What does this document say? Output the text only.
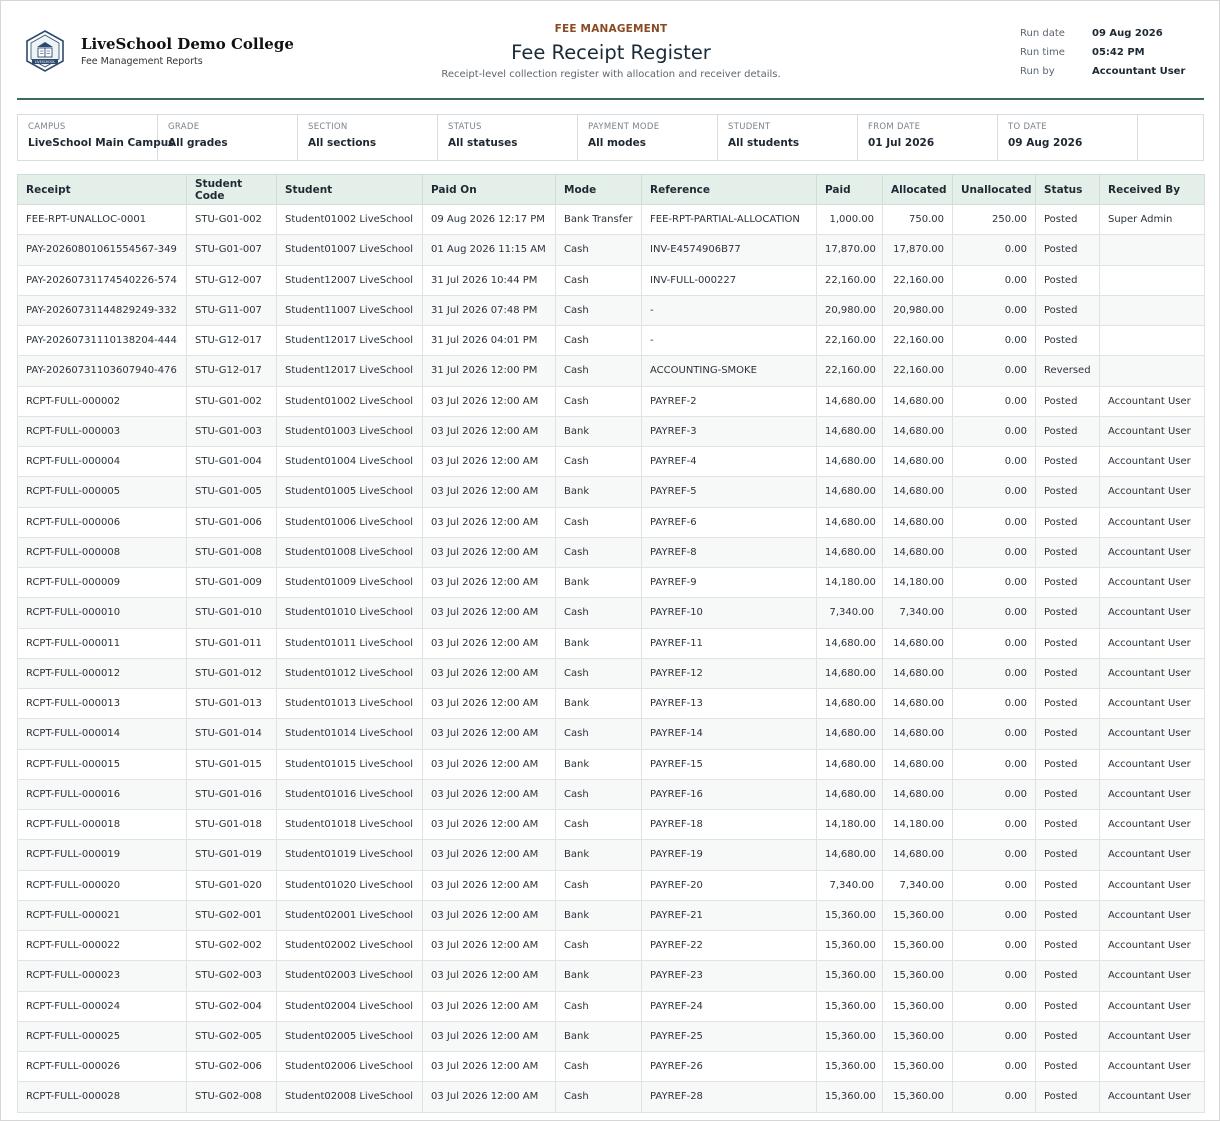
LIVESCHOOL
LiveSchool Demo College
Fee Management Reports
FEE MANAGEMENT
Fee Receipt Register
Receipt-level collection register with allocation and receiver details.
Run date	09 Aug 2026
Run time	05:42 PM
Run by	Accountant User
CAMPUS
LiveSchool Main Campus
GRADE
All grades
SECTION
All sections
STATUS
All statuses
PAYMENT MODE
All modes
STUDENT
All students
FROM DATE
01 Jul 2026
TO DATE
09 Aug 2026
Receipt	Student Code	Student	Paid On	Mode	Reference	Paid	Allocated	Unallocated	Status	Received By
FEE-RPT-UNALLOC-0001	STU-G01-002	Student01002 LiveSchool	09 Aug 2026 12:17 PM	Bank Transfer	FEE-RPT-PARTIAL-ALLOCATION	1,000.00	750.00	250.00	Posted	Super Admin
PAY-20260801061554567-349	STU-G01-007	Student01007 LiveSchool	01 Aug 2026 11:15 AM	Cash	INV-E4574906B77	17,870.00	17,870.00	0.00	Posted	
PAY-20260731174540226-574	STU-G12-007	Student12007 LiveSchool	31 Jul 2026 10:44 PM	Cash	INV-FULL-000227	22,160.00	22,160.00	0.00	Posted	
PAY-20260731144829249-332	STU-G11-007	Student11007 LiveSchool	31 Jul 2026 07:48 PM	Cash	-	20,980.00	20,980.00	0.00	Posted	
PAY-20260731110138204-444	STU-G12-017	Student12017 LiveSchool	31 Jul 2026 04:01 PM	Cash	-	22,160.00	22,160.00	0.00	Posted	
PAY-20260731103607940-476	STU-G12-017	Student12017 LiveSchool	31 Jul 2026 12:00 PM	Cash	ACCOUNTING-SMOKE	22,160.00	22,160.00	0.00	Reversed	
RCPT-FULL-000002	STU-G01-002	Student01002 LiveSchool	03 Jul 2026 12:00 AM	Cash	PAYREF-2	14,680.00	14,680.00	0.00	Posted	Accountant User
RCPT-FULL-000003	STU-G01-003	Student01003 LiveSchool	03 Jul 2026 12:00 AM	Bank	PAYREF-3	14,680.00	14,680.00	0.00	Posted	Accountant User
RCPT-FULL-000004	STU-G01-004	Student01004 LiveSchool	03 Jul 2026 12:00 AM	Cash	PAYREF-4	14,680.00	14,680.00	0.00	Posted	Accountant User
RCPT-FULL-000005	STU-G01-005	Student01005 LiveSchool	03 Jul 2026 12:00 AM	Bank	PAYREF-5	14,680.00	14,680.00	0.00	Posted	Accountant User
RCPT-FULL-000006	STU-G01-006	Student01006 LiveSchool	03 Jul 2026 12:00 AM	Cash	PAYREF-6	14,680.00	14,680.00	0.00	Posted	Accountant User
RCPT-FULL-000008	STU-G01-008	Student01008 LiveSchool	03 Jul 2026 12:00 AM	Cash	PAYREF-8	14,680.00	14,680.00	0.00	Posted	Accountant User
RCPT-FULL-000009	STU-G01-009	Student01009 LiveSchool	03 Jul 2026 12:00 AM	Bank	PAYREF-9	14,180.00	14,180.00	0.00	Posted	Accountant User
RCPT-FULL-000010	STU-G01-010	Student01010 LiveSchool	03 Jul 2026 12:00 AM	Cash	PAYREF-10	7,340.00	7,340.00	0.00	Posted	Accountant User
RCPT-FULL-000011	STU-G01-011	Student01011 LiveSchool	03 Jul 2026 12:00 AM	Bank	PAYREF-11	14,680.00	14,680.00	0.00	Posted	Accountant User
RCPT-FULL-000012	STU-G01-012	Student01012 LiveSchool	03 Jul 2026 12:00 AM	Cash	PAYREF-12	14,680.00	14,680.00	0.00	Posted	Accountant User
RCPT-FULL-000013	STU-G01-013	Student01013 LiveSchool	03 Jul 2026 12:00 AM	Bank	PAYREF-13	14,680.00	14,680.00	0.00	Posted	Accountant User
RCPT-FULL-000014	STU-G01-014	Student01014 LiveSchool	03 Jul 2026 12:00 AM	Cash	PAYREF-14	14,680.00	14,680.00	0.00	Posted	Accountant User
RCPT-FULL-000015	STU-G01-015	Student01015 LiveSchool	03 Jul 2026 12:00 AM	Bank	PAYREF-15	14,680.00	14,680.00	0.00	Posted	Accountant User
RCPT-FULL-000016	STU-G01-016	Student01016 LiveSchool	03 Jul 2026 12:00 AM	Cash	PAYREF-16	14,680.00	14,680.00	0.00	Posted	Accountant User
RCPT-FULL-000018	STU-G01-018	Student01018 LiveSchool	03 Jul 2026 12:00 AM	Cash	PAYREF-18	14,180.00	14,180.00	0.00	Posted	Accountant User
RCPT-FULL-000019	STU-G01-019	Student01019 LiveSchool	03 Jul 2026 12:00 AM	Bank	PAYREF-19	14,680.00	14,680.00	0.00	Posted	Accountant User
RCPT-FULL-000020	STU-G01-020	Student01020 LiveSchool	03 Jul 2026 12:00 AM	Cash	PAYREF-20	7,340.00	7,340.00	0.00	Posted	Accountant User
RCPT-FULL-000021	STU-G02-001	Student02001 LiveSchool	03 Jul 2026 12:00 AM	Bank	PAYREF-21	15,360.00	15,360.00	0.00	Posted	Accountant User
RCPT-FULL-000022	STU-G02-002	Student02002 LiveSchool	03 Jul 2026 12:00 AM	Cash	PAYREF-22	15,360.00	15,360.00	0.00	Posted	Accountant User
RCPT-FULL-000023	STU-G02-003	Student02003 LiveSchool	03 Jul 2026 12:00 AM	Bank	PAYREF-23	15,360.00	15,360.00	0.00	Posted	Accountant User
RCPT-FULL-000024	STU-G02-004	Student02004 LiveSchool	03 Jul 2026 12:00 AM	Cash	PAYREF-24	15,360.00	15,360.00	0.00	Posted	Accountant User
RCPT-FULL-000025	STU-G02-005	Student02005 LiveSchool	03 Jul 2026 12:00 AM	Bank	PAYREF-25	15,360.00	15,360.00	0.00	Posted	Accountant User
RCPT-FULL-000026	STU-G02-006	Student02006 LiveSchool	03 Jul 2026 12:00 AM	Cash	PAYREF-26	15,360.00	15,360.00	0.00	Posted	Accountant User
RCPT-FULL-000028	STU-G02-008	Student02008 LiveSchool	03 Jul 2026 12:00 AM	Cash	PAYREF-28	15,360.00	15,360.00	0.00	Posted	Accountant User
